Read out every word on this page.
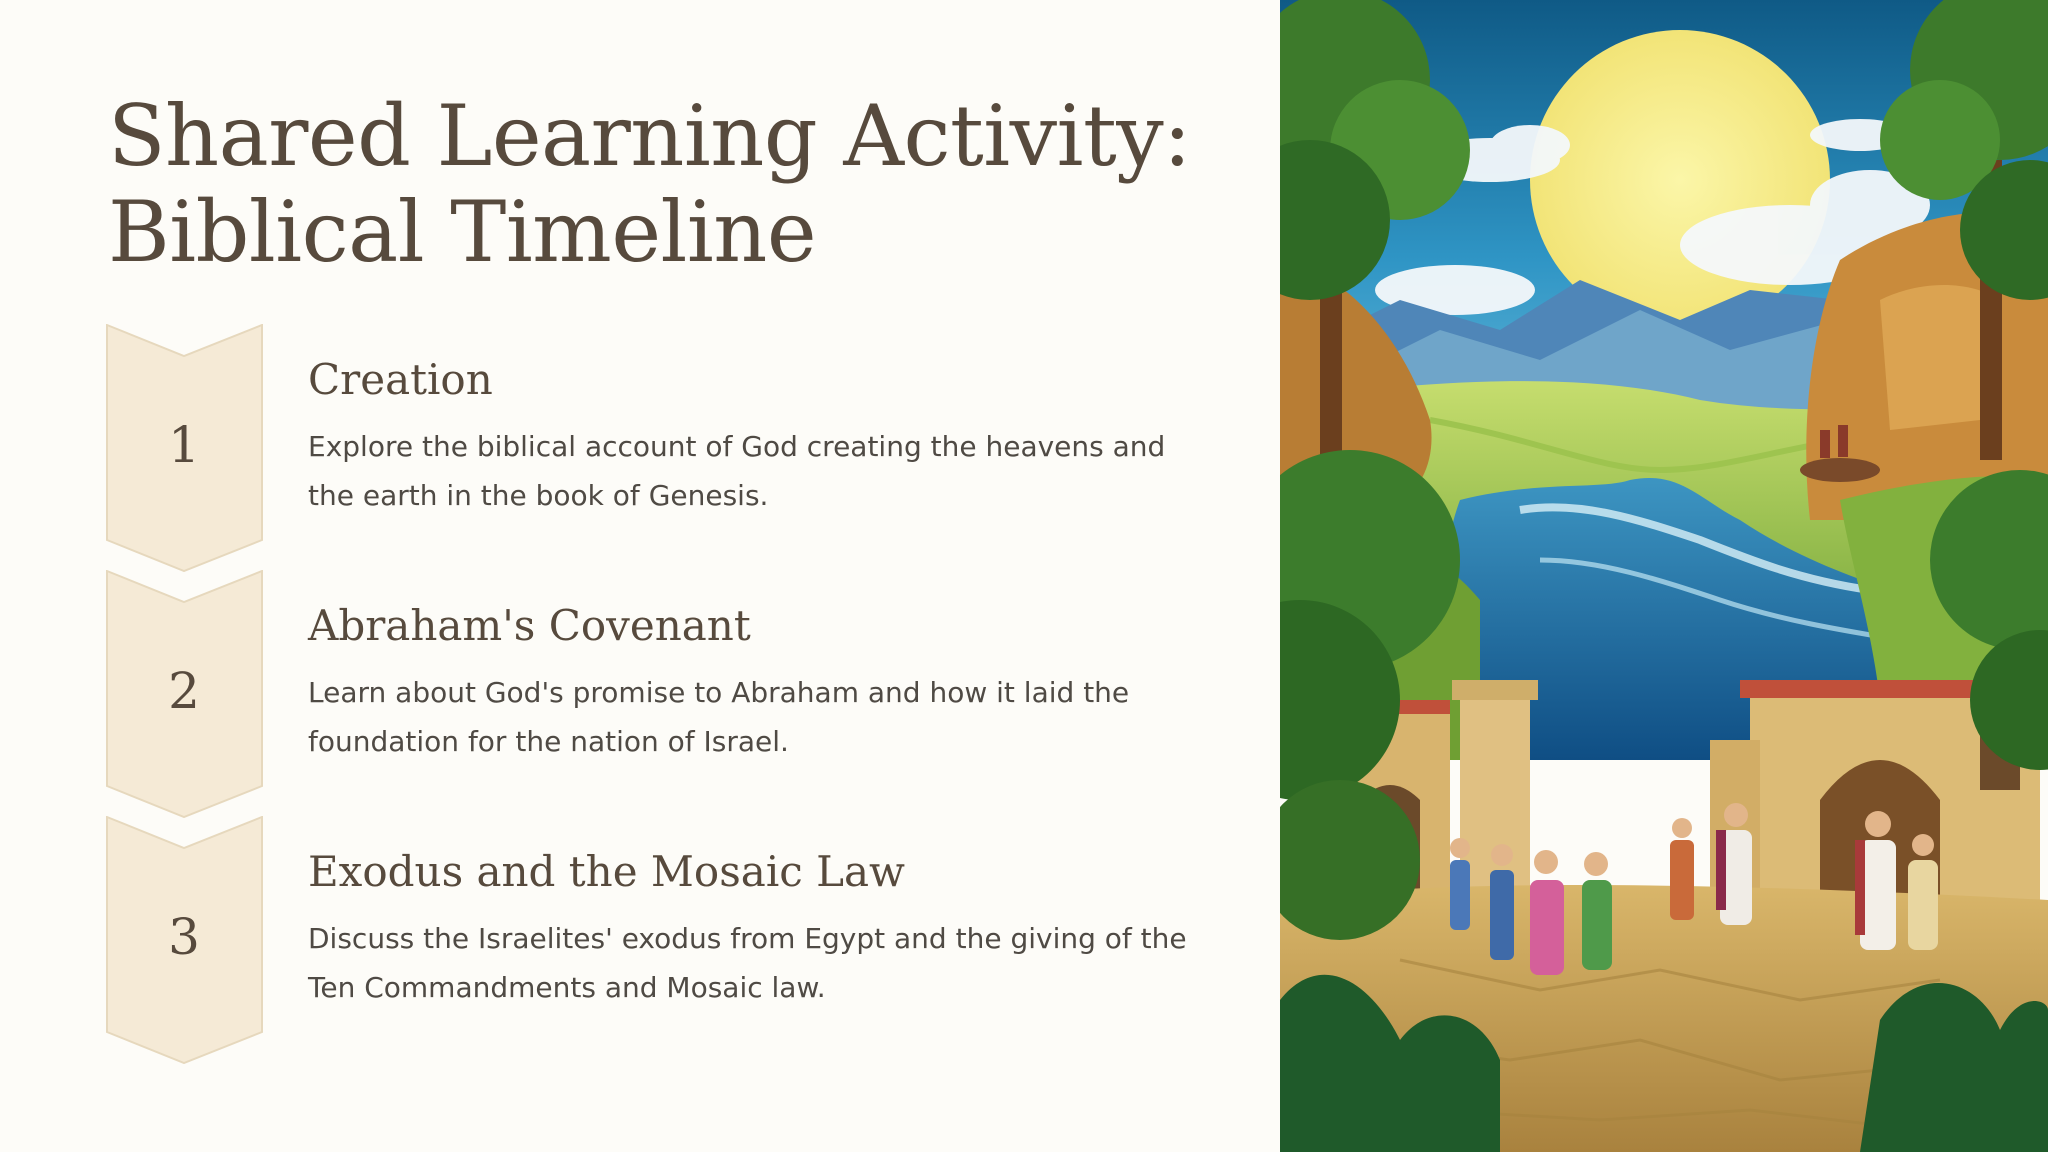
Shared Learning Activity:
Biblical Timeline
1
Creation
Explore the biblical account of God creating the heavens and the earth in the book of Genesis.
2
Abraham's Covenant
Learn about God's promise to Abraham and how it laid the foundation for the nation of Israel.
3
Exodus and the Mosaic Law
Discuss the Israelites' exodus from Egypt and the giving of the Ten Commandments and Mosaic law.
